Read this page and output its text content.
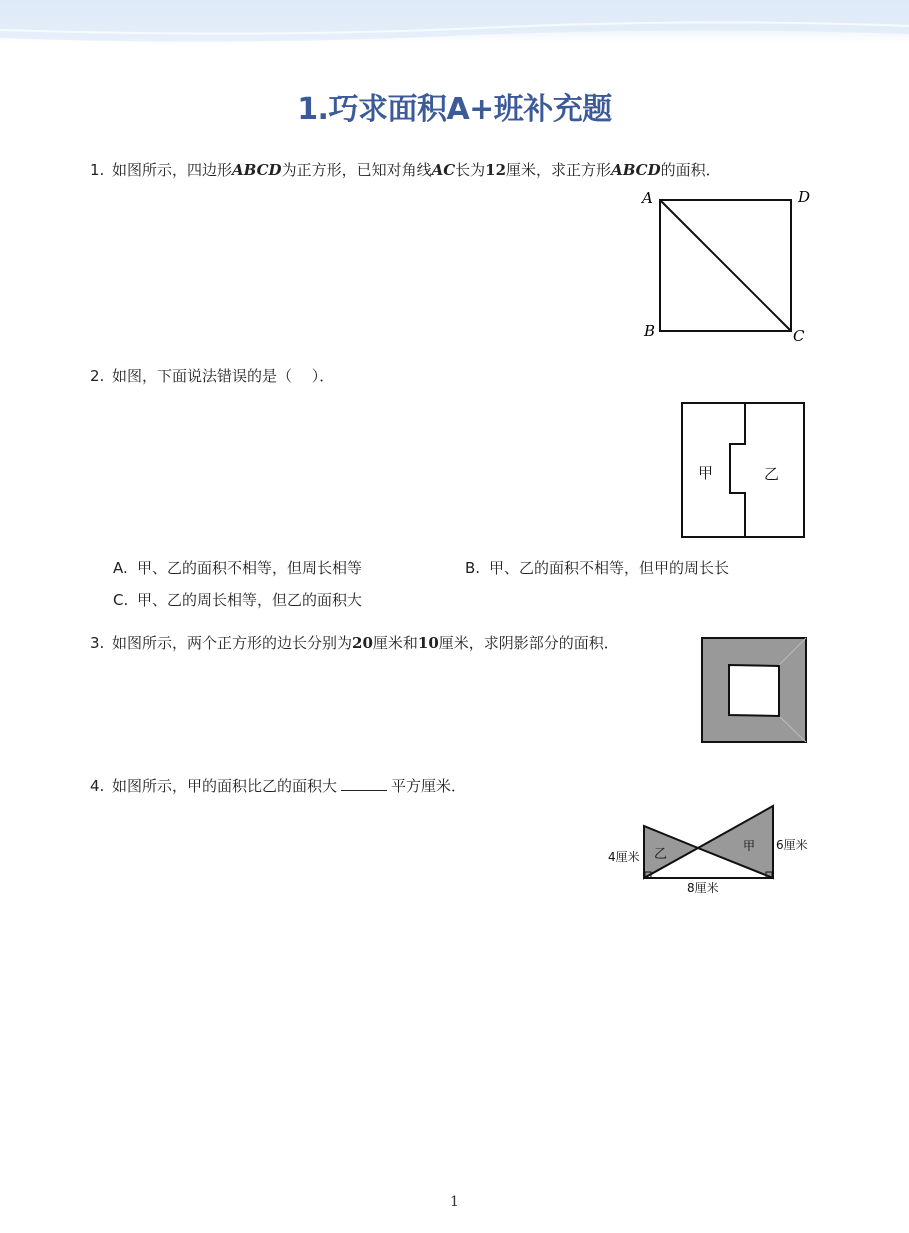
1.巧求面积A+班补充题
1. 如图所示，四边形ABCD为正方形，已知对角线AC长为12厘米，求正方形ABCD的面积．
A	D
B	C
2. 如图，下面说法错误的是（　 ）．
甲	乙
A. 甲、乙的面积不相等，但周长相等	B. 甲、乙的面积不相等，但甲的周长长
C. 甲、乙的周长相等，但乙的面积大
3. 如图所示，两个正方形的边长分别为20厘米和10厘米，求阴影部分的面积．
4. 如图所示，甲的面积比乙的面积大	平方厘米．
乙
甲
4厘米
6厘米
8厘米
1
